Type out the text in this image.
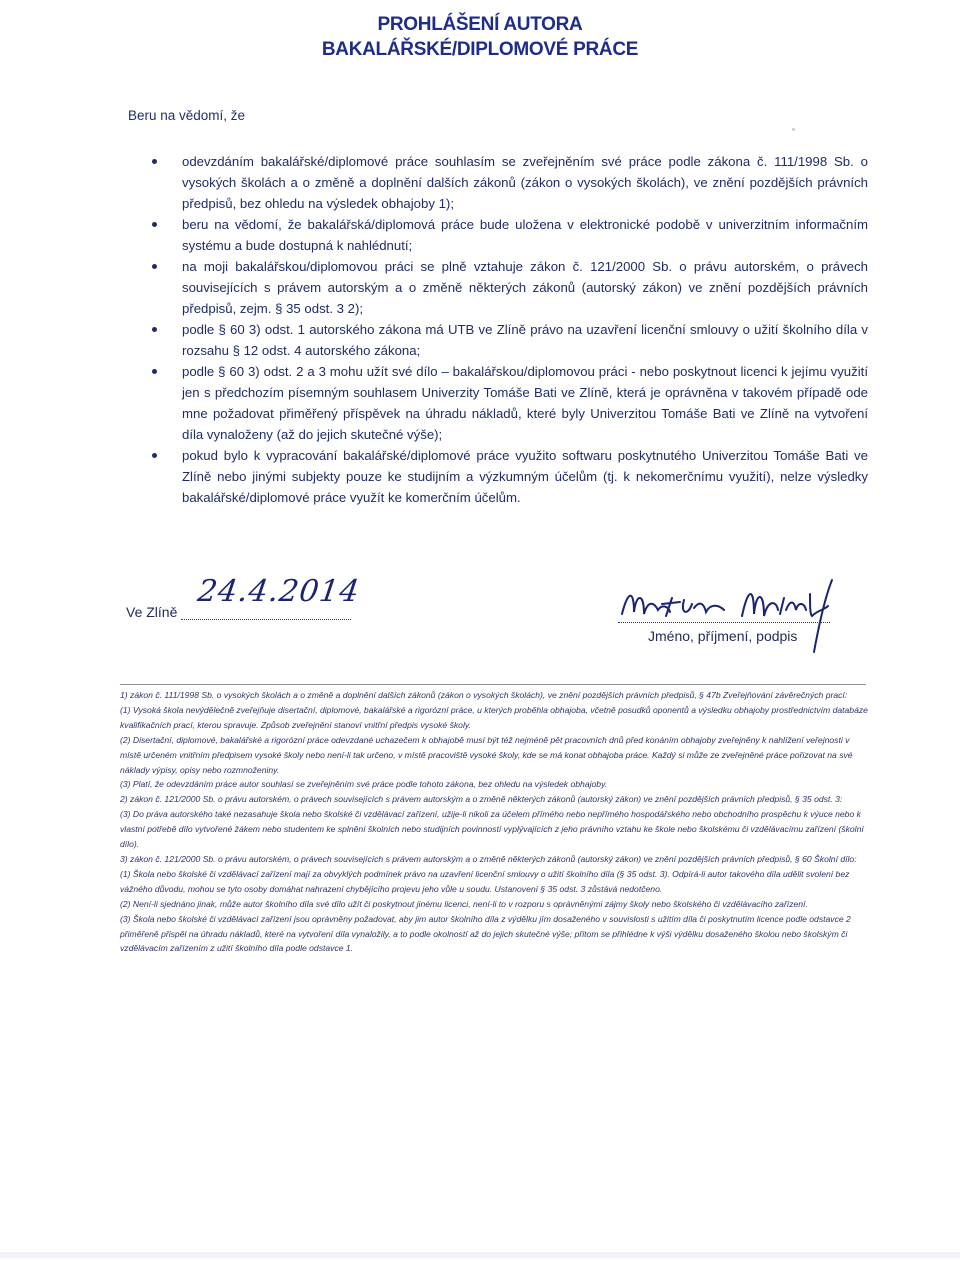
PROHLÁŠENÍ AUTORA
BAKALÁŘSKÉ/DIPLOMOVÉ PRÁCE
Beru na vědomí, že
odevzdáním bakalářské/diplomové práce souhlasím se zveřejněním své práce podle zákona č. 111/1998 Sb. o vysokých školách a o změně a doplnění dalších zákonů (zákon o vysokých školách), ve znění pozdějších právních předpisů, bez ohledu na výsledek obhajoby 1);
beru na vědomí, že bakalářská/diplomová práce bude uložena v elektronické podobě v univerzitním informačním systému a bude dostupná k nahlédnutí;
na moji bakalářskou/diplomovou práci se plně vztahuje zákon č. 121/2000 Sb. o právu autorském, o právech souvisejících s právem autorským a o změně některých zákonů (autorský zákon) ve znění pozdějších právních předpisů, zejm. § 35 odst. 3 2);
podle § 60 3) odst. 1 autorského zákona má UTB ve Zlíně právo na uzavření licenční smlouvy o užití školního díla v rozsahu § 12 odst. 4 autorského zákona;
podle § 60 3) odst. 2 a 3 mohu užít své dílo – bakalářskou/diplomovou práci - nebo poskytnout licenci k jejímu využití jen s předchozím písemným souhlasem Univerzity Tomáše Bati ve Zlíně, která je oprávněna v takovém případě ode mne požadovat přiměřený příspěvek na úhradu nákladů, které byly Univerzitou Tomáše Bati ve Zlíně na vytvoření díla vynaloženy (až do jejich skutečné výše);
pokud bylo k vypracování bakalářské/diplomové práce využito softwaru poskytnutého Univerzitou Tomáše Bati ve Zlíně nebo jinými subjekty pouze ke studijním a výzkumným účelům (tj. k nekomerčnímu využití), nelze výsledky bakalářské/diplomové práce využít ke komerčním účelům.
24.4.2014
Ve Zlíně
Jméno, příjmení, podpis

1) zákon č. 111/1998 Sb. o vysokých školách a o změně a doplnění dalších zákonů (zákon o vysokých školách), ve znění pozdějších právních předpisů, § 47b Zveřejňování závěrečných prací:

(1) Vysoká škola nevýdělečně zveřejňuje disertační, diplomové, bakalářské a rigorózní práce, u kterých proběhla obhajoba, včetně posudků oponentů a výsledku obhajoby prostřednictvím databáze kvalifikačních prací, kterou spravuje. Způsob zveřejnění stanoví vnitřní předpis vysoké školy.

(2) Disertační, diplomové, bakalářské a rigorózní práce odevzdané uchazečem k obhajobě musí být též nejméně pět pracovních dnů před konáním obhajoby zveřejněny k nahlížení veřejnosti v místě určeném vnitřním předpisem vysoké školy nebo není-li tak určeno, v místě pracoviště vysoké školy, kde se má konat obhajoba práce. Každý si může ze zveřejněné práce pořizovat na své náklady výpisy, opisy nebo rozmnoženiny.

(3) Platí, že odevzdáním práce autor souhlasí se zveřejněním své práce podle tohoto zákona, bez ohledu na výsledek obhajoby.

2) zákon č. 121/2000 Sb. o právu autorském, o právech souvisejících s právem autorským a o změně některých zákonů (autorský zákon) ve znění pozdějších právních předpisů, § 35 odst. 3:

(3) Do práva autorského také nezasahuje škola nebo školské či vzdělávací zařízení, užije-li nikoli za účelem přímého nebo nepřímého hospodářského nebo obchodního prospěchu k výuce nebo k vlastní potřebě dílo vytvořené žákem nebo studentem ke splnění školních nebo studijních povinností vyplývajících z jeho právního vztahu ke škole nebo školskému či vzdělávacímu zařízení (školní dílo).

3) zákon č. 121/2000 Sb. o právu autorském, o právech souvisejících s právem autorským a o změně některých zákonů (autorský zákon) ve znění pozdějších právních předpisů, § 60 Školní dílo:

(1) Škola nebo školské či vzdělávací zařízení mají za obvyklých podmínek právo na uzavření licenční smlouvy o užití školního díla (§ 35 odst. 3). Odpírá-li autor takového díla udělit svolení bez vážného důvodu, mohou se tyto osoby domáhat nahrazení chybějícího projevu jeho vůle u soudu. Ustanovení § 35 odst. 3 zůstává nedotčeno.

(2) Není-li sjednáno jinak, může autor školního díla své dílo užít či poskytnout jinému licenci, není-li to v rozporu s oprávněnými zájmy školy nebo školského či vzdělávacího zařízení.

(3) Škola nebo školské či vzdělávací zařízení jsou oprávněny požadovat, aby jim autor školního díla z výdělku jím dosaženého v souvislosti s užitím díla či poskytnutím licence podle odstavce 2 přiměřeně přispěl na úhradu nákladů, které na vytvoření díla vynaložily, a to podle okolností až do jejich skutečné výše; přitom se přihlédne k výši výdělku dosaženého školou nebo školským či vzdělávacím zařízením z užití školního díla podle odstavce 1.
